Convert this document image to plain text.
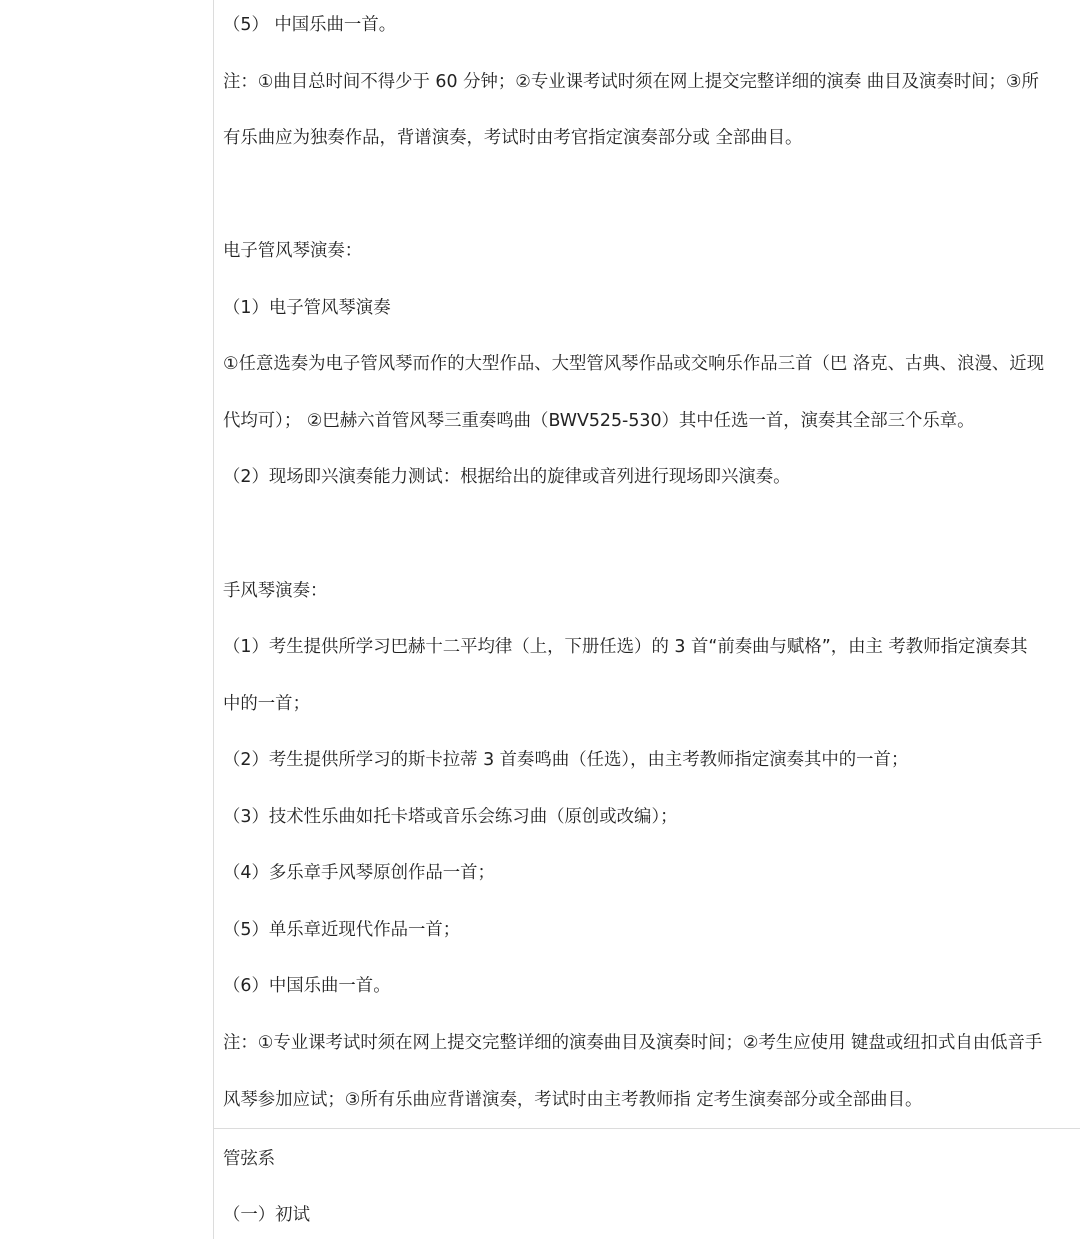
（5） 中国乐曲一首。
注：①曲目总时间不得少于 60 分钟；②专业课考试时须在网上提交完整详细的演奏 曲目及演奏时间；③所
有乐曲应为独奏作品，背谱演奏，考试时由考官指定演奏部分或 全部曲目。
电子管风琴演奏：
（1）电子管风琴演奏
①任意选奏为电子管风琴而作的大型作品、大型管风琴作品或交响乐作品三首（巴 洛克、古典、浪漫、近现
代均可）； ②巴赫六首管风琴三重奏鸣曲（BWV525-530）其中任选一首，演奏其全部三个乐章。
（2）现场即兴演奏能力测试：根据给出的旋律或音列进行现场即兴演奏。
手风琴演奏：
（1）考生提供所学习巴赫十二平均律（上，下册任选）的 3 首“前奏曲与赋格”，由主 考教师指定演奏其
中的一首；
（2）考生提供所学习的斯卡拉蒂 3 首奏鸣曲（任选），由主考教师指定演奏其中的一首；
（3）技术性乐曲如托卡塔或音乐会练习曲（原创或改编）；
（4）多乐章手风琴原创作品一首；
（5）单乐章近现代作品一首；
（6）中国乐曲一首。
注：①专业课考试时须在网上提交完整详细的演奏曲目及演奏时间；②考生应使用 键盘或纽扣式自由低音手
风琴参加应试；③所有乐曲应背谱演奏，考试时由主考教师指 定考生演奏部分或全部曲目。
管弦系
（一）初试
